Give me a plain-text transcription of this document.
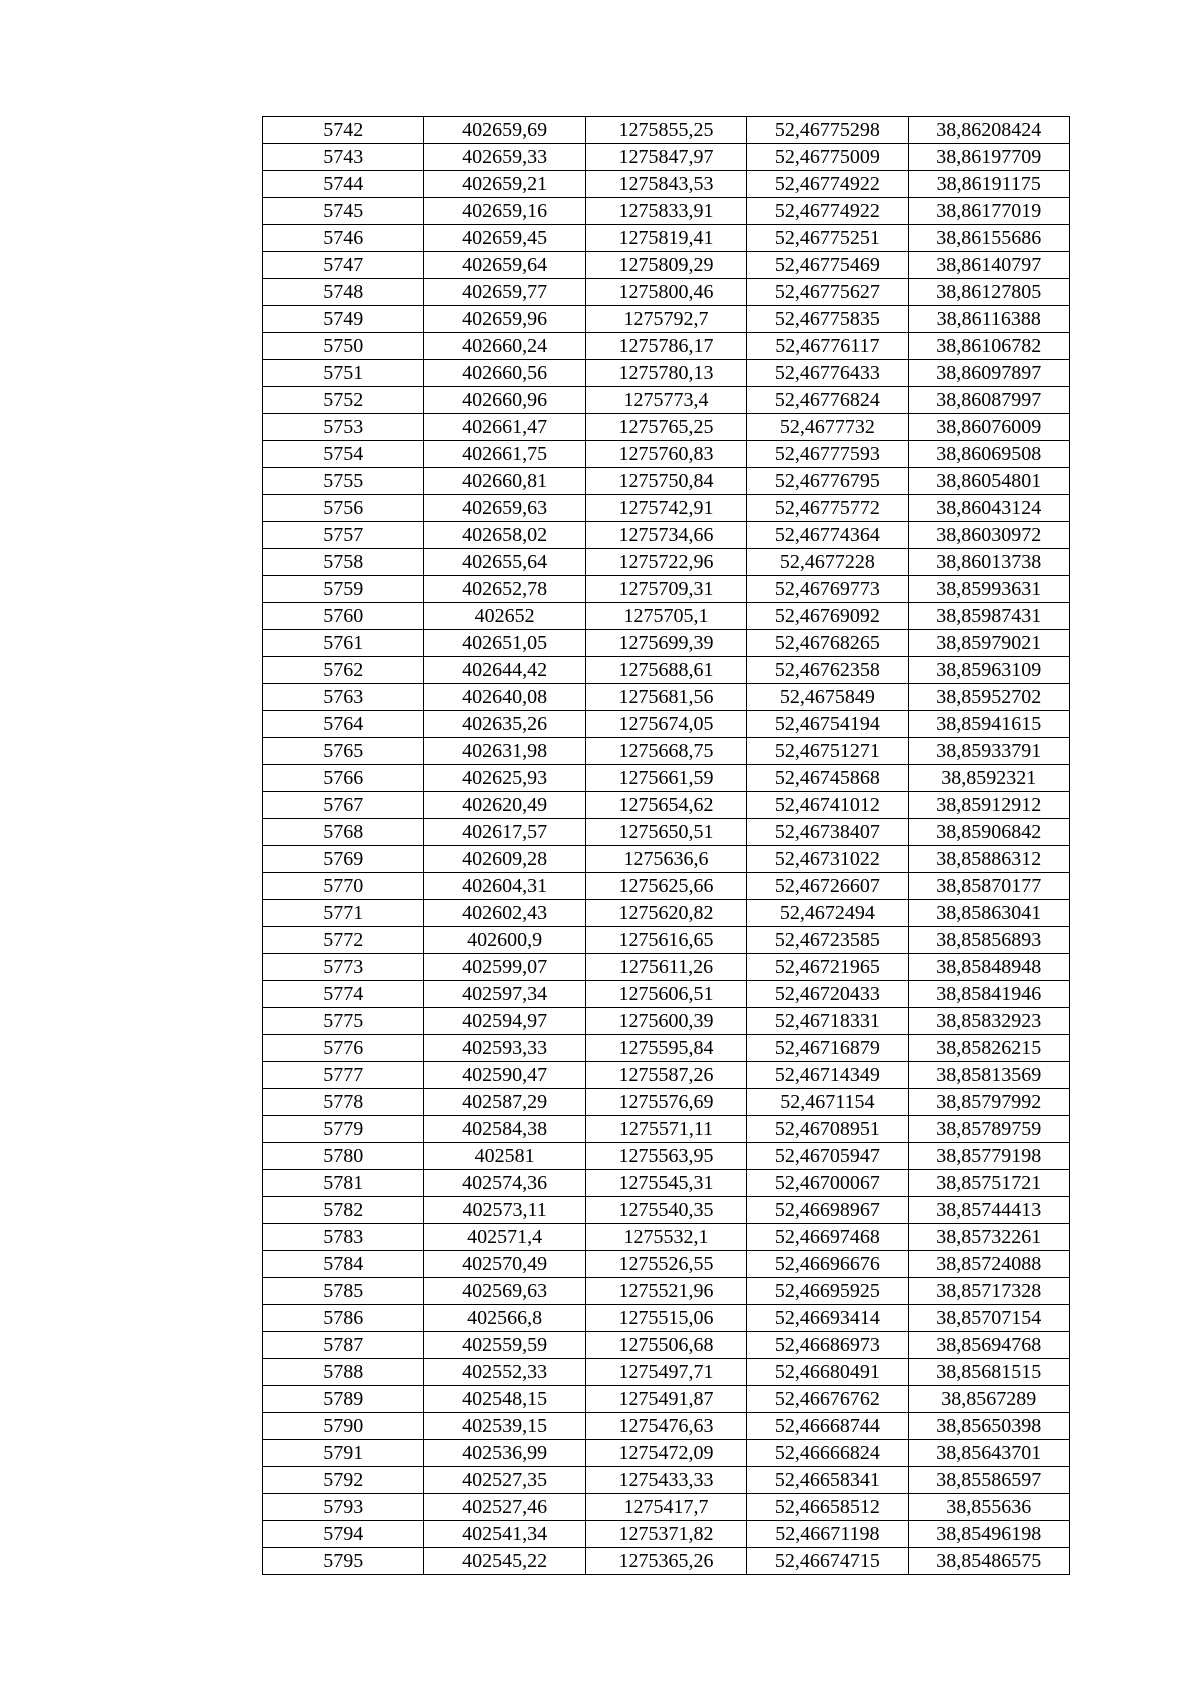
5742	402659,69	1275855,25	52,46775298	38,86208424
5743	402659,33	1275847,97	52,46775009	38,86197709
5744	402659,21	1275843,53	52,46774922	38,86191175
5745	402659,16	1275833,91	52,46774922	38,86177019
5746	402659,45	1275819,41	52,46775251	38,86155686
5747	402659,64	1275809,29	52,46775469	38,86140797
5748	402659,77	1275800,46	52,46775627	38,86127805
5749	402659,96	1275792,7	52,46775835	38,86116388
5750	402660,24	1275786,17	52,46776117	38,86106782
5751	402660,56	1275780,13	52,46776433	38,86097897
5752	402660,96	1275773,4	52,46776824	38,86087997
5753	402661,47	1275765,25	52,4677732	38,86076009
5754	402661,75	1275760,83	52,46777593	38,86069508
5755	402660,81	1275750,84	52,46776795	38,86054801
5756	402659,63	1275742,91	52,46775772	38,86043124
5757	402658,02	1275734,66	52,46774364	38,86030972
5758	402655,64	1275722,96	52,4677228	38,86013738
5759	402652,78	1275709,31	52,46769773	38,85993631
5760	402652	1275705,1	52,46769092	38,85987431
5761	402651,05	1275699,39	52,46768265	38,85979021
5762	402644,42	1275688,61	52,46762358	38,85963109
5763	402640,08	1275681,56	52,4675849	38,85952702
5764	402635,26	1275674,05	52,46754194	38,85941615
5765	402631,98	1275668,75	52,46751271	38,85933791
5766	402625,93	1275661,59	52,46745868	38,8592321
5767	402620,49	1275654,62	52,46741012	38,85912912
5768	402617,57	1275650,51	52,46738407	38,85906842
5769	402609,28	1275636,6	52,46731022	38,85886312
5770	402604,31	1275625,66	52,46726607	38,85870177
5771	402602,43	1275620,82	52,4672494	38,85863041
5772	402600,9	1275616,65	52,46723585	38,85856893
5773	402599,07	1275611,26	52,46721965	38,85848948
5774	402597,34	1275606,51	52,46720433	38,85841946
5775	402594,97	1275600,39	52,46718331	38,85832923
5776	402593,33	1275595,84	52,46716879	38,85826215
5777	402590,47	1275587,26	52,46714349	38,85813569
5778	402587,29	1275576,69	52,4671154	38,85797992
5779	402584,38	1275571,11	52,46708951	38,85789759
5780	402581	1275563,95	52,46705947	38,85779198
5781	402574,36	1275545,31	52,46700067	38,85751721
5782	402573,11	1275540,35	52,46698967	38,85744413
5783	402571,4	1275532,1	52,46697468	38,85732261
5784	402570,49	1275526,55	52,46696676	38,85724088
5785	402569,63	1275521,96	52,46695925	38,85717328
5786	402566,8	1275515,06	52,46693414	38,85707154
5787	402559,59	1275506,68	52,46686973	38,85694768
5788	402552,33	1275497,71	52,46680491	38,85681515
5789	402548,15	1275491,87	52,46676762	38,8567289
5790	402539,15	1275476,63	52,46668744	38,85650398
5791	402536,99	1275472,09	52,46666824	38,85643701
5792	402527,35	1275433,33	52,46658341	38,85586597
5793	402527,46	1275417,7	52,46658512	38,855636
5794	402541,34	1275371,82	52,46671198	38,85496198
5795	402545,22	1275365,26	52,46674715	38,85486575
